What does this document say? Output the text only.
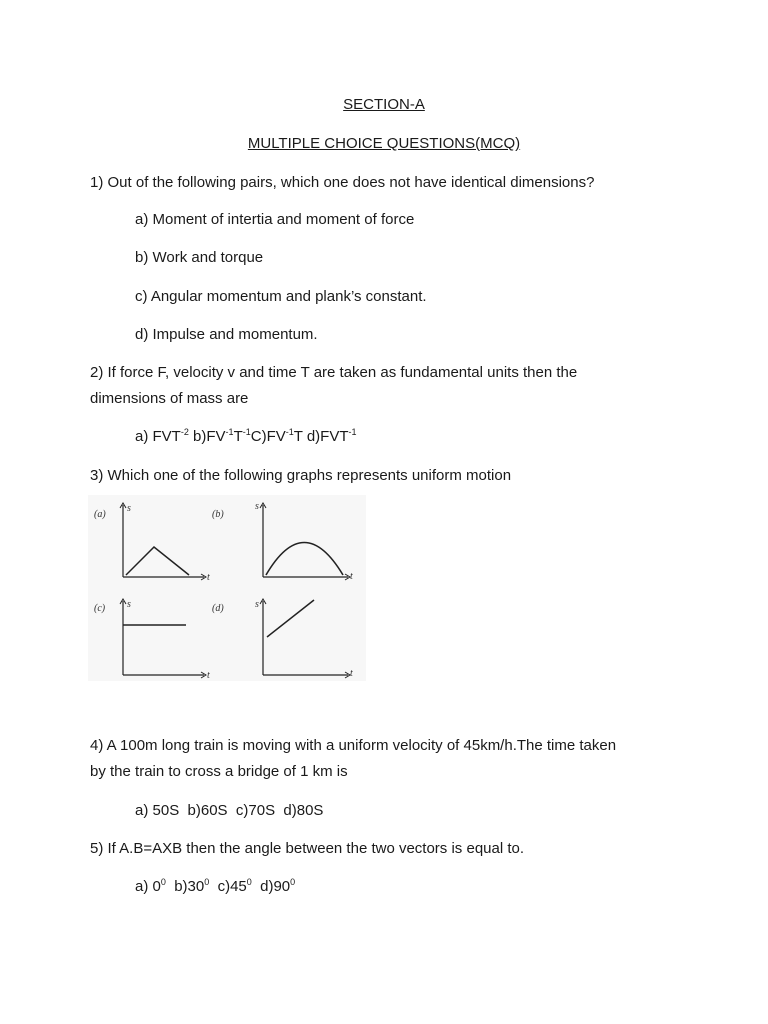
SECTION-A
MULTIPLE CHOICE QUESTIONS(MCQ)
1) Out of the following pairs, which one does not have identical dimensions?
a) Moment of intertia and moment of force
b) Work and torque
c) Angular momentum and plank’s constant.
d) Impulse and momentum.
2) If force F, velocity v and time T are taken as fundamental units then the
dimensions of mass are
a) $FVT^{-2}$ $b)FV^{-1}T^{-1}C)FV^{-1}T$ $d)FVT^{-1}$
3) Which one of the following graphs represents uniform motion
(a)
s
t
(b)
s
t
(c) s
t
(d)	s
t
4) A 100m long train is moving with a uniform velocity of 45km/h.The time taken
by the train to cross a bridge of 1 km is
a) 50S  b)60S  c)70S  d)80S
5) If A.B=AXB then the angle between the two vectors is equal to.
a) $0^0$  $b)30^0$  $c)45^0$  $d)90^0$
